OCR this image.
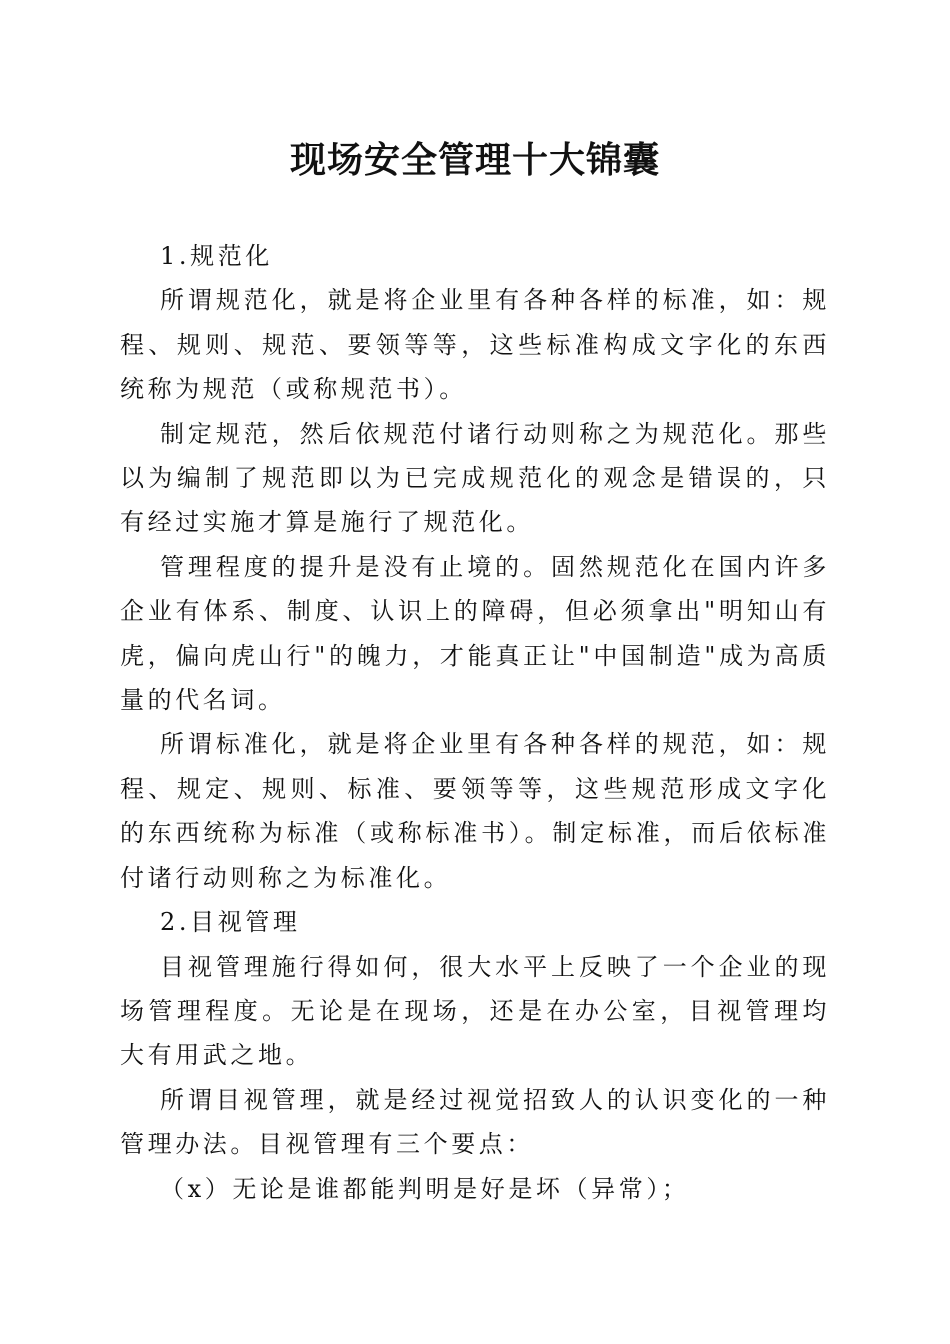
现场安全管理十大锦囊

1.规范化

所谓规范化，就是将企业里有各种各样的标准，如：规程、规则、规范、要领等等，这些标准构成文字化的东西统称为规范（或称规范书）。

制定规范，然后依规范付诸行动则称之为规范化。那些以为编制了规范即以为已完成规范化的观念是错误的，只有经过实施才算是施行了规范化。

管理程度的提升是没有止境的。固然规范化在国内许多企业有体系、制度、认识上的障碍，但必须拿出"明知山有虎，偏向虎山行"的魄力，才能真正让"中国制造"成为高质量的代名词。

所谓标准化，就是将企业里有各种各样的规范，如：规程、规定、规则、标准、要领等等，这些规范形成文字化的东西统称为标准（或称标准书）。制定标准，而后依标准付诸行动则称之为标准化。

2.目视管理

目视管理施行得如何，很大水平上反映了一个企业的现场管理程度。无论是在现场，还是在办公室，目视管理均大有用武之地。

所谓目视管理，就是经过视觉招致人的认识变化的一种管理办法。目视管理有三个要点：

（x）无论是谁都能判明是好是坏（异常）；
